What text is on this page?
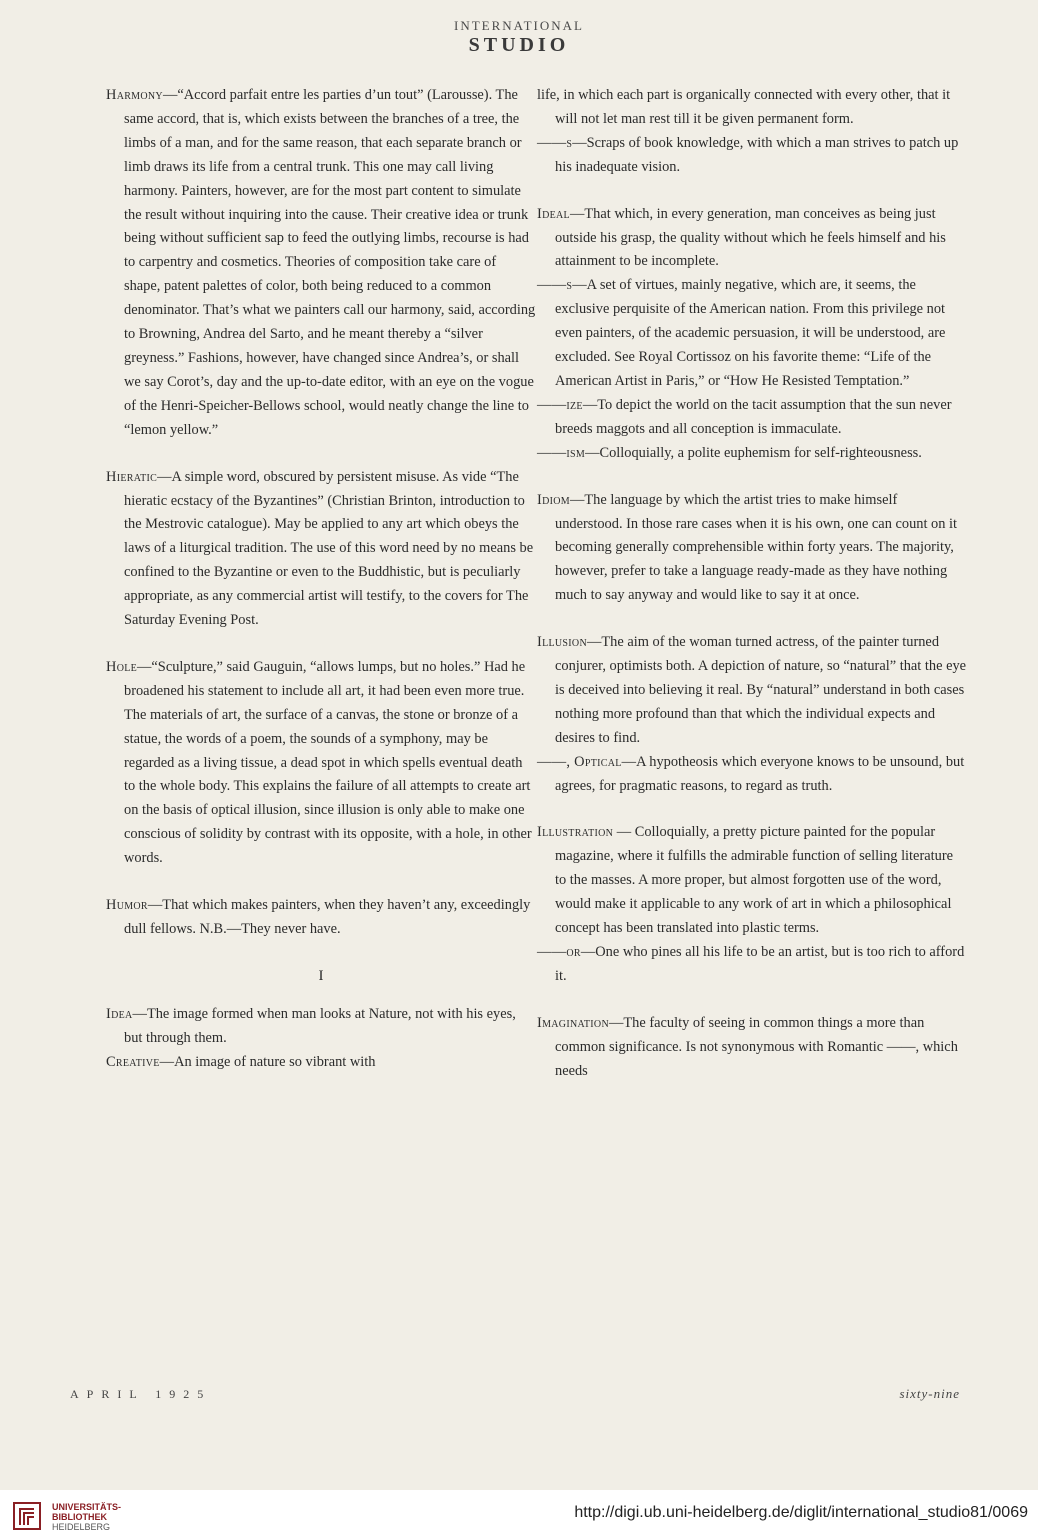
INTERNATIONAL
STUDIO

Harmony—“Accord parfait entre les parties d’un tout” (Larousse). The same accord, that is, which exists between the branches of a tree, the limbs of a man, and for the same reason, that each separate branch or limb draws its life from a central trunk. This one may call living harmony. Painters, however, are for the most part content to simulate the result without inquiring into the cause. Their creative idea or trunk being without sufficient sap to feed the outlying limbs, recourse is had to carpentry and cosmetics. Theories of composition take care of shape, patent palettes of color, both being reduced to a common denominator. That’s what we painters call our harmony, said, according to Browning, Andrea del Sarto, and he meant thereby a “silver greyness.” Fashions, however, have changed since Andrea’s, or shall we say Corot’s, day and the up-to-date editor, with an eye on the vogue of the Henri-Speicher-Bellows school, would neatly change the line to “lemon yellow.”

Hieratic—A simple word, obscured by persistent misuse. As vide “The hieratic ecstacy of the Byzantines” (Christian Brinton, introduction to the Mestrovic catalogue). May be applied to any art which obeys the laws of a liturgical tradition. The use of this word need by no means be confined to the Byzantine or even to the Buddhistic, but is peculiarly appropriate, as any commercial artist will testify, to the covers for The Saturday Evening Post.

Hole—“Sculpture,” said Gauguin, “allows lumps, but no holes.” Had he broadened his statement to include all art, it had been even more true. The materials of art, the surface of a canvas, the stone or bronze of a statue, the words of a poem, the sounds of a symphony, may be regarded as a living tissue, a dead spot in which spells eventual death to the whole body. This explains the failure of all attempts to create art on the basis of optical illusion, since illusion is only able to make one conscious of solidity by contrast with its opposite, with a hole, in other words.

Humor—That which makes painters, when they haven’t any, exceedingly dull fellows. N.B.—They never have.

I

Idea—The image formed when man looks at Nature, not with his eyes, but through them.

Creative—An image of nature so vibrant with

life, in which each part is organically connected with every other, that it will not let man rest till it be given permanent form.

——s—Scraps of book knowledge, with which a man strives to patch up his inadequate vision.

Ideal—That which, in every generation, man conceives as being just outside his grasp, the quality without which he feels himself and his attainment to be incomplete.

——s—A set of virtues, mainly negative, which are, it seems, the exclusive perquisite of the American nation. From this privilege not even painters, of the academic persuasion, it will be understood, are excluded. See Royal Cortissoz on his favorite theme: “Life of the American Artist in Paris,” or “How He Resisted Temptation.”

——ize—To depict the world on the tacit assumption that the sun never breeds maggots and all conception is immaculate.

——ism—Colloquially, a polite euphemism for self-righteousness.

Idiom—The language by which the artist tries to make himself understood. In those rare cases when it is his own, one can count on it becoming generally comprehensible within forty years. The majority, however, prefer to take a language ready-made as they have nothing much to say anyway and would like to say it at once.

Illusion—The aim of the woman turned actress, of the painter turned conjurer, optimists both. A depiction of nature, so “natural” that the eye is deceived into believing it real. By “natural” understand in both cases nothing more profound than that which the individual expects and desires to find.

——, Optical—A hypotheosis which everyone knows to be unsound, but agrees, for pragmatic reasons, to regard as truth.

Illustration — Colloquially, a pretty picture painted for the popular magazine, where it fulfills the admirable function of selling literature to the masses. A more proper, but almost forgotten use of the word, would make it applicable to any work of art in which a philosophical concept has been translated into plastic terms.

——or—One who pines all his life to be an artist, but is too rich to afford it.

Imagination—The faculty of seeing in common things a more than common significance. Is not synonymous with Romantic ——, which needs

APRIL 1925	sixty-nine
UNIVERSITÄTS-
BIBLIOTHEK
HEIDELBERG
http://digi.ub.uni-heidelberg.de/diglit/international_studio81/0069
